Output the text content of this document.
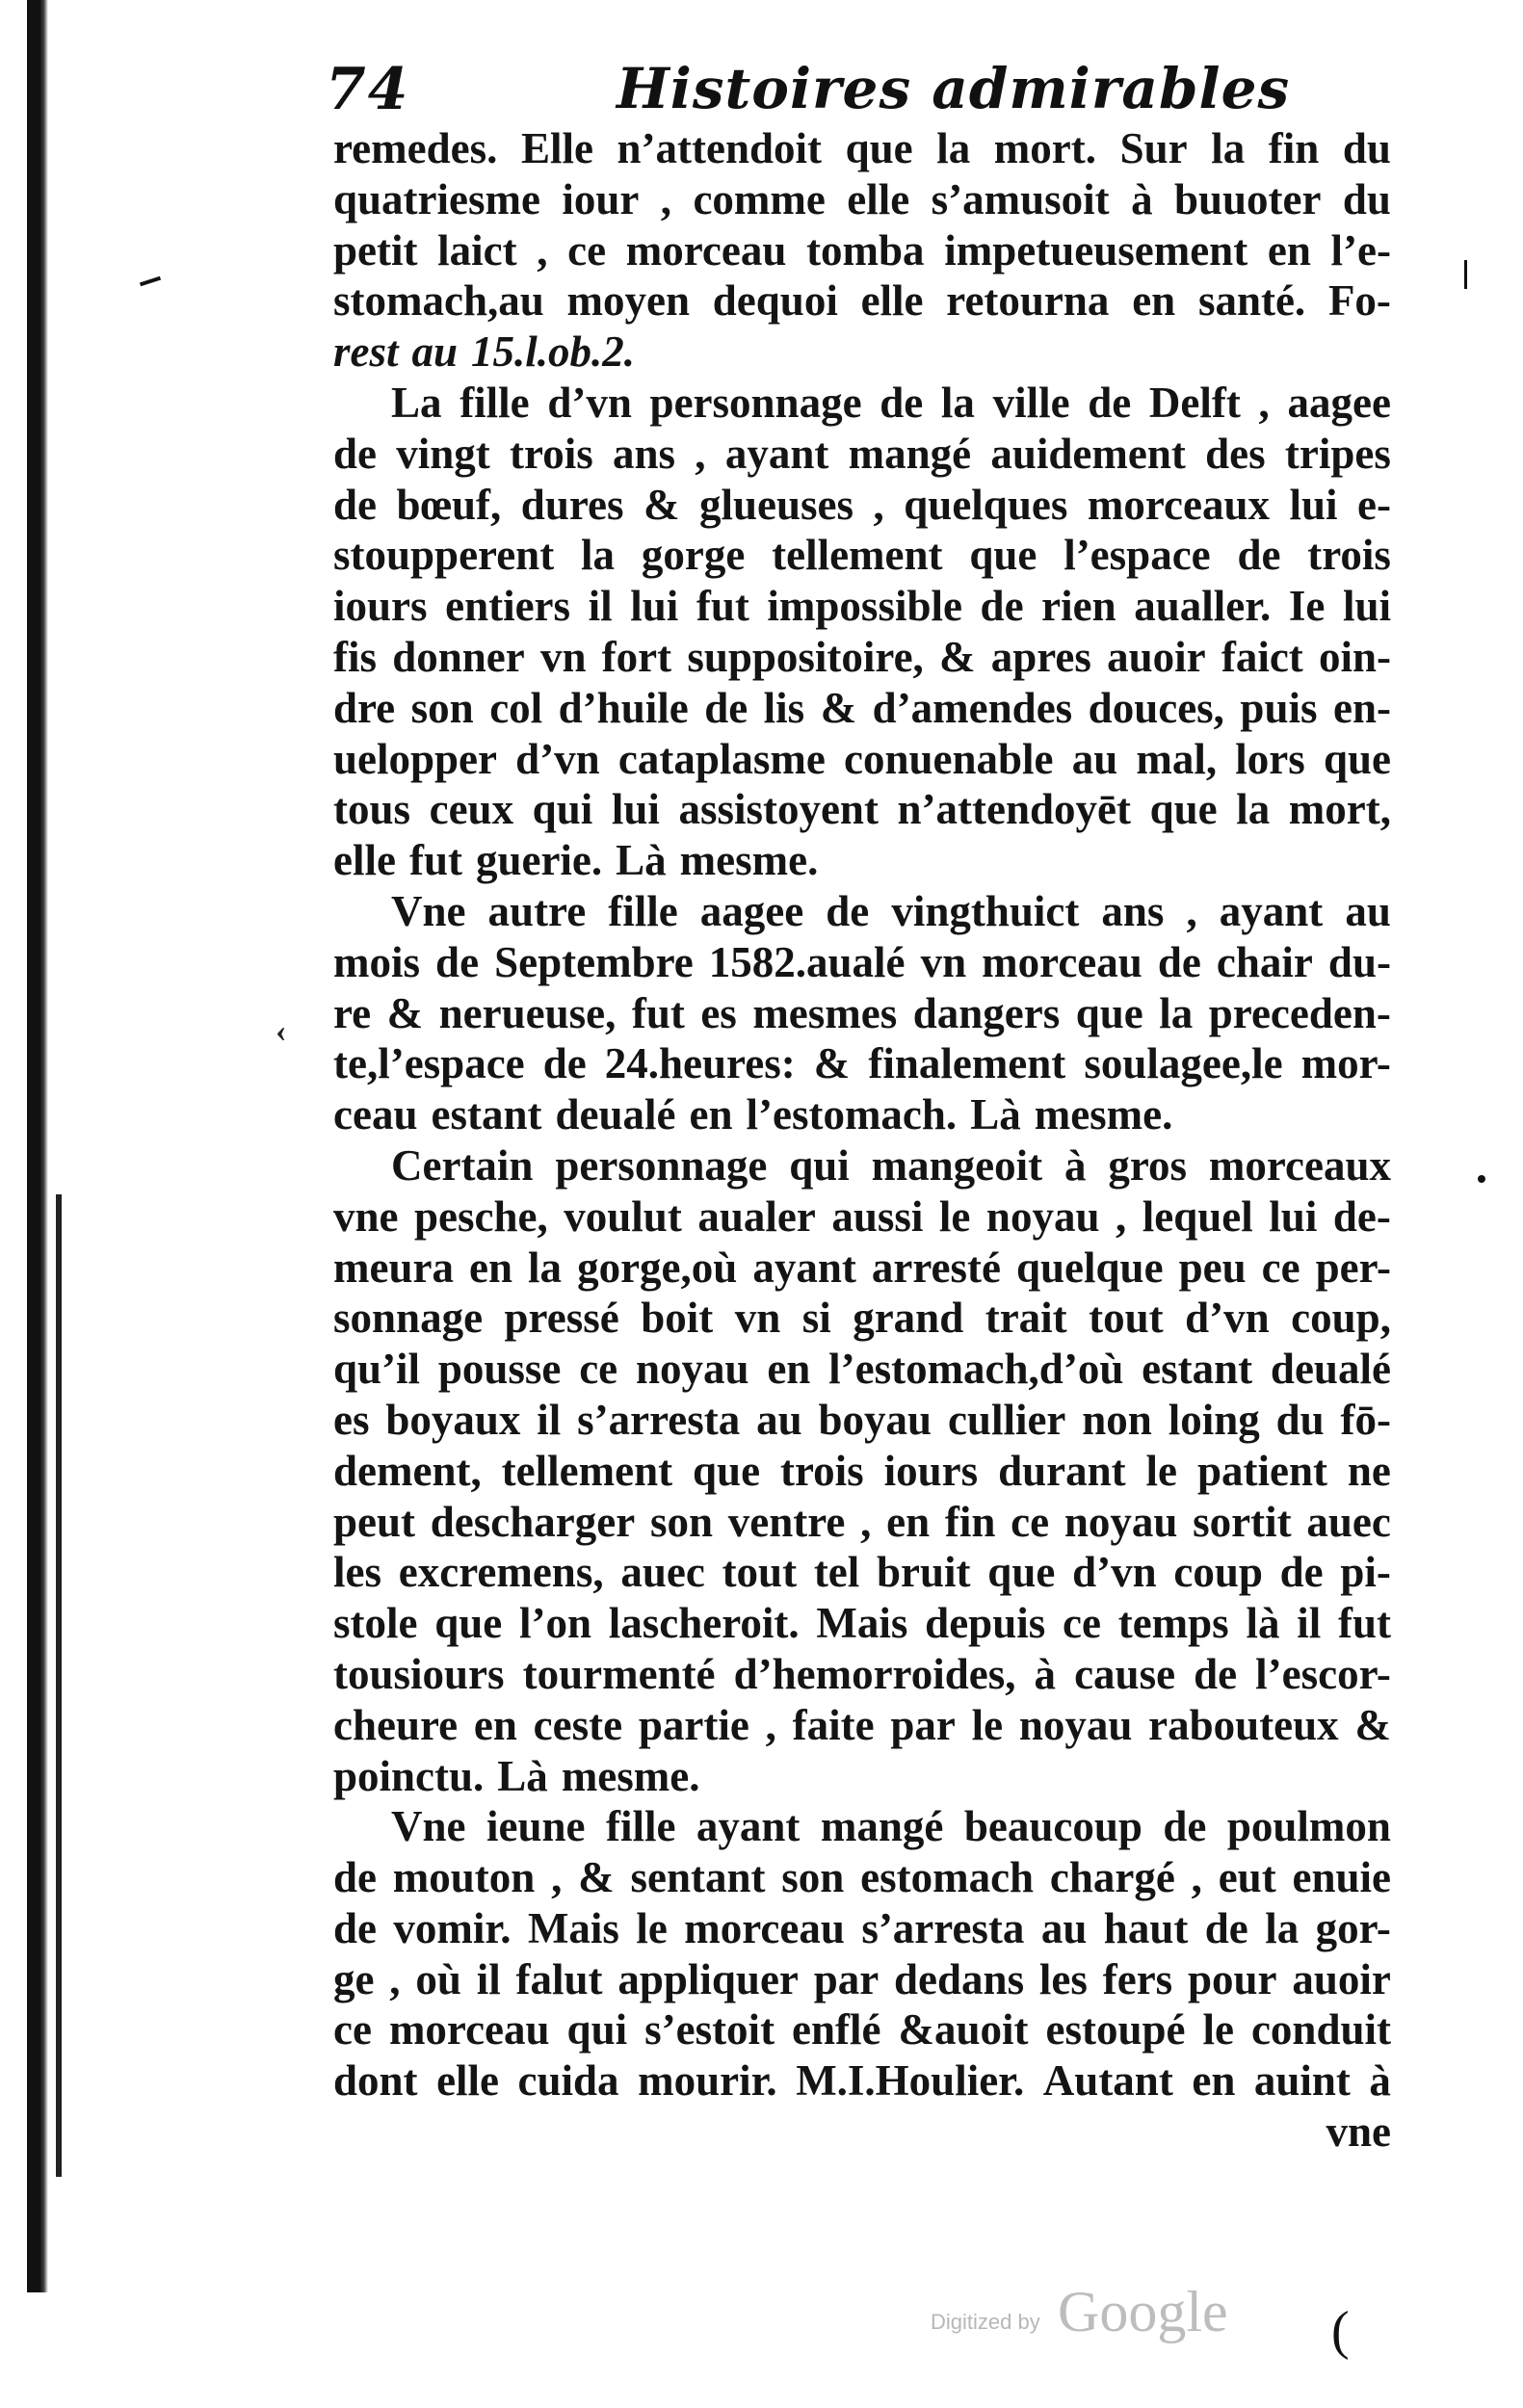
‹
74	Histoires admirables
remedes. Elle n’attendoit que la mort. Sur la fin du
quatriesme iour , comme elle s’amusoit à buuoter du
petit laict , ce morceau tomba impetueusement en l’e-
stomach,au moyen dequoi elle retourna en santé. Fo-
rest au 15.l.ob.2.
La fille d’vn personnage de la ville de Delft , aagee
de vingt trois ans , ayant mangé auidement des tripes
de bœuf, dures & glueuses , quelques morceaux lui e-
stoupperent la gorge tellement que l’espace de trois
iours entiers il lui fut impossible de rien aualler. Ie lui
fis donner vn fort suppositoire, & apres auoir faict oin-
dre son col d’huile de lis & d’amendes douces, puis en-
uelopper d’vn cataplasme conuenable au mal, lors que
tous ceux qui lui assistoyent n’attendoyēt que la mort,
elle fut guerie. Là mesme.
Vne autre fille aagee de vingthuict ans , ayant au
mois de Septembre 1582.aualé vn morceau de chair du-
re & nerueuse, fut es mesmes dangers que la preceden-
te,l’espace de 24.heures: & finalement soulagee,le mor-
ceau estant deualé en l’estomach. Là mesme.
Certain personnage qui mangeoit à gros morceaux
vne pesche, voulut aualer aussi le noyau , lequel lui de-
meura en la gorge,où ayant arresté quelque peu ce per-
sonnage pressé boit vn si grand trait tout d’vn coup,
qu’il pousse ce noyau en l’estomach,d’où estant deualé
es boyaux il s’arresta au boyau cullier non loing du fō-
dement, tellement que trois iours durant le patient ne
peut descharger son ventre , en fin ce noyau sortit auec
les excremens, auec tout tel bruit que d’vn coup de pi-
stole que l’on lascheroit. Mais depuis ce temps là il fut
tousiours tourmenté d’hemorroides, à cause de l’escor-
cheure en ceste partie , faite par le noyau rabouteux &
poinctu. Là mesme.
Vne ieune fille ayant mangé beaucoup de poulmon
de mouton , & sentant son estomach chargé , eut enuie
de vomir. Mais le morceau s’arresta au haut de la gor-
ge , où il falut appliquer par dedans les fers pour auoir
ce morceau qui s’estoit enflé &auoit estoupé le conduit
dont elle cuida mourir. M.I.Houlier. Autant en auint à
vne
Digitized by Google (
